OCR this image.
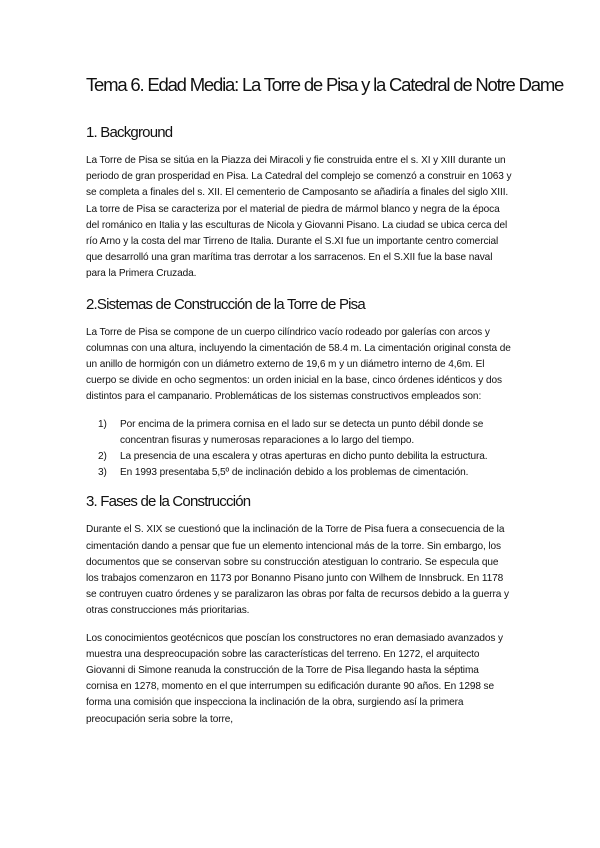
Tema 6. Edad Media: La Torre de Pisa y la Catedral de Notre Dame
1. Background

La Torre de Pisa se sitúa en la Piazza dei Miracoli y fie construida entre el s. XI y XIII durante un periodo de gran prosperidad en Pisa. La Catedral del complejo se comenzó a construir en 1063 y se completa a finales del s. XII. El cementerio de Camposanto se añadiría a finales del siglo XIII. La torre de Pisa se caracteriza por el material de piedra de mármol blanco y negra de la época del románico en Italia y las esculturas de Nicola y Giovanni Pisano. La ciudad se ubica cerca del río Arno y la costa del mar Tirreno de Italia. Durante el S.XI fue un importante centro comercial que desarrolló una gran marítima tras derrotar a los sarracenos. En el S.XII fue la base naval para la Primera Cruzada.

2.Sistemas de Construcción de la Torre de Pisa

La Torre de Pisa se compone de un cuerpo cilíndrico vacío rodeado por galerías con arcos y columnas con una altura, incluyendo la cimentación de 58.4 m. La cimentación original consta de un anillo de hormigón con un diámetro externo de 19,6 m y un diámetro interno de 4,6m. El cuerpo se divide en ocho segmentos: un orden inicial en la base, cinco órdenes idénticos y dos distintos para el campanario. Problemáticas de los sistemas constructivos empleados son:

1) Por encima de la primera cornisa en el lado sur se detecta un punto débil donde se concentran fisuras y numerosas reparaciones a lo largo del tiempo.
2) La presencia de una escalera y otras aperturas en dicho punto debilita la estructura.
3) En 1993 presentaba 5,5º de inclinación debido a los problemas de cimentación.
3. Fases de la Construcción

Durante el S. XIX se cuestionó que la inclinación de la Torre de Pisa fuera a consecuencia de la cimentación dando a pensar que fue un elemento intencional más de la torre. Sin embargo, los documentos que se conservan sobre su construcción atestiguan lo contrario. Se especula que los trabajos comenzaron en 1173 por Bonanno Pisano junto con Wilhem de Innsbruck. En 1178 se contruyen cuatro órdenes y se paralizaron las obras por falta de recursos debido a la guerra y otras construcciones más prioritarias.

Los conocimientos geotécnicos que poscían los constructores no eran demasiado avanzados y muestra una despreocupación sobre las características del terreno. En 1272, el arquitecto Giovanni di Simone reanuda la construcción de la Torre de Pisa llegando hasta la séptima cornisa en 1278, momento en el que interrumpen su edificación durante 90 años. En 1298 se forma una comisión que inspecciona la inclinación de la obra, surgiendo así la primera preocupación seria sobre la torre,
